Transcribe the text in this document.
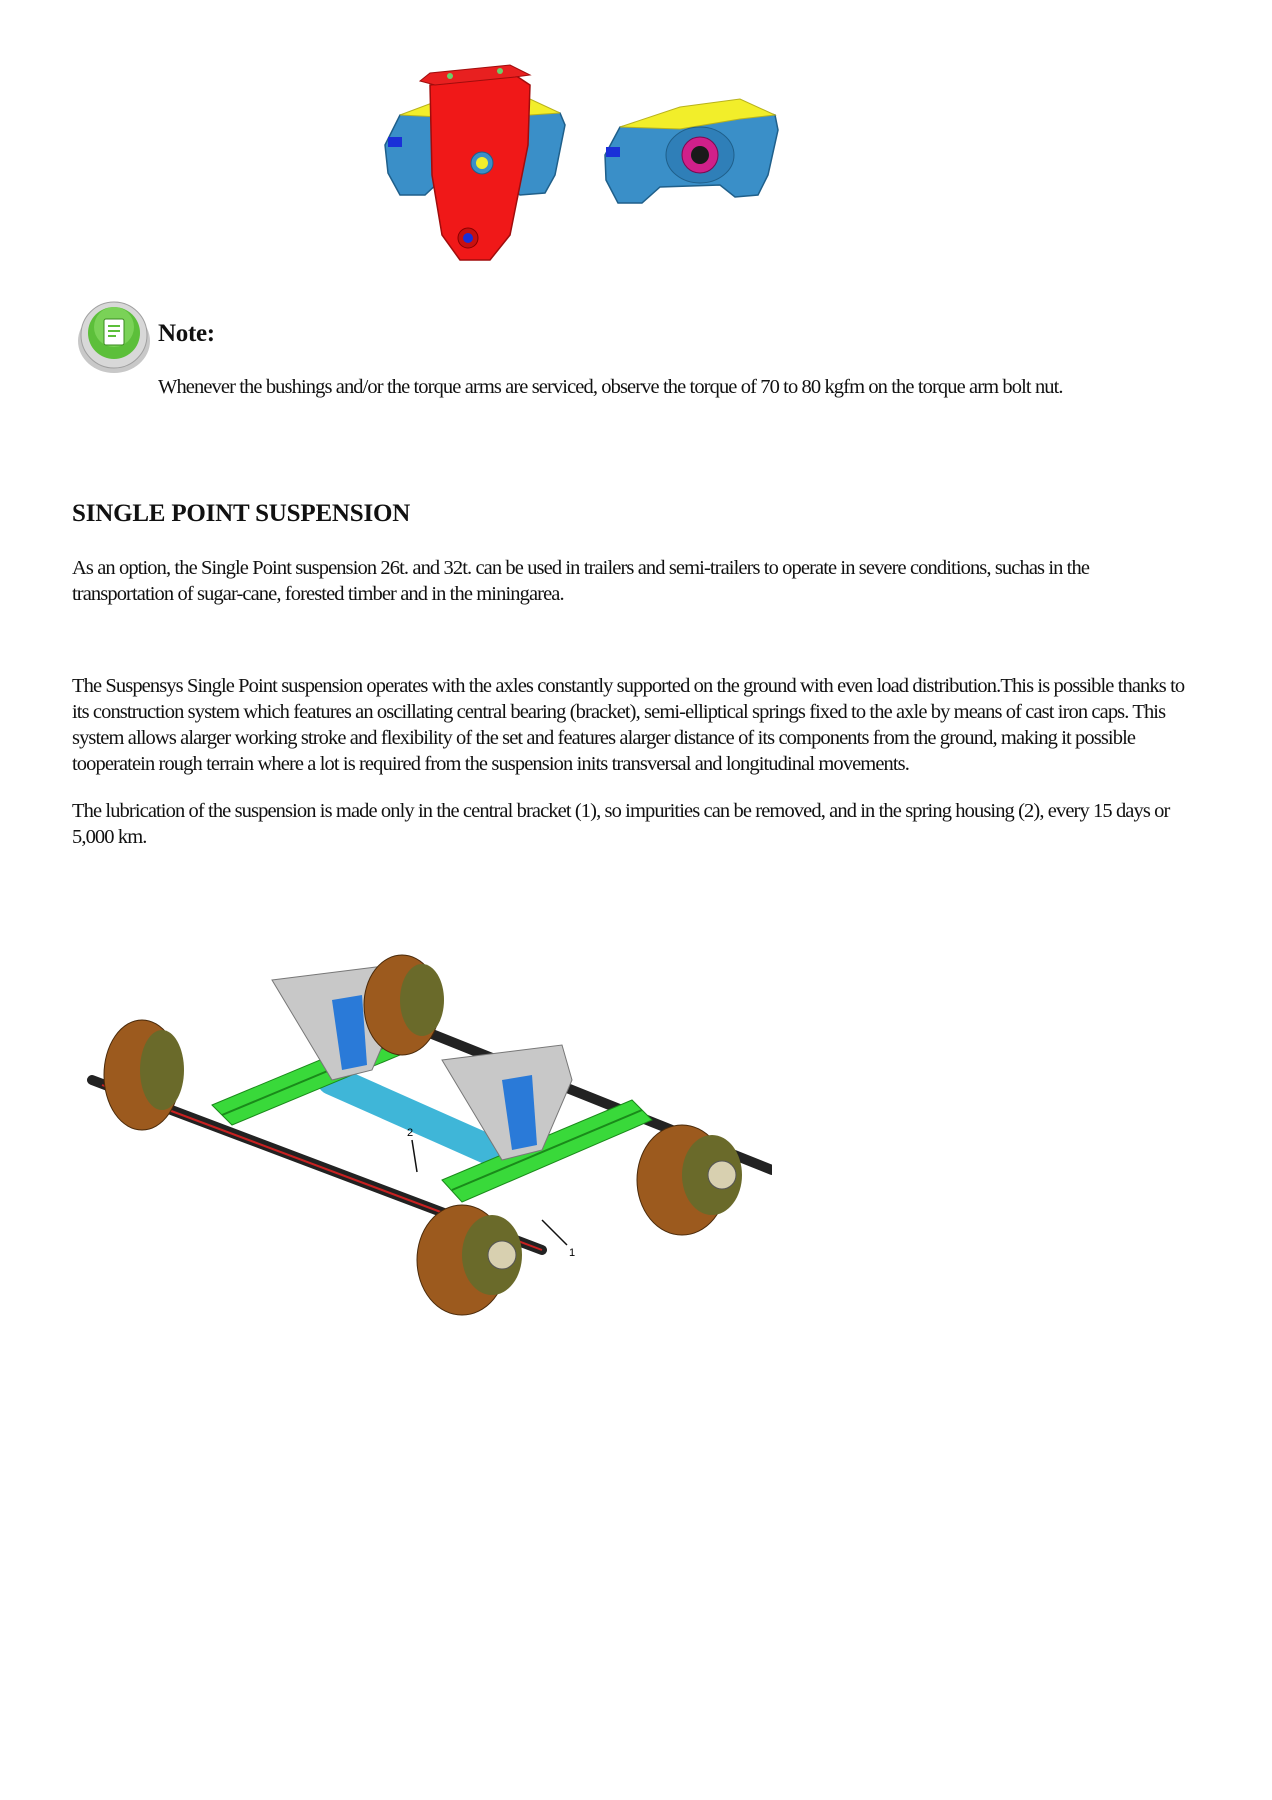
Note:
Whenever the bushings and/or the torque arms are serviced, observe the torque of 70 to 80 kgfm on the torque arm bolt nut.
SINGLE POINT SUSPENSION
As an option, the Single Point suspension 26t. and 32t. can be used in trailers and semi-trailers to operate in severe conditions, suchas in the transportation of sugar-cane, forested timber and in the miningarea.
The Suspensys Single Point suspension operates with the axles constantly supported on the ground with even load distribution.This is possible thanks to its construction system which features an oscillating central bearing (bracket), semi-elliptical springs fixed to the axle by means of cast iron caps. This system allows alarger working stroke and flexibility of the set and features alarger distance of its components from the ground, making it possible tooperatein rough terrain where a lot is required from the suspension inits transversal and longitudinal movements.
The lubrication of the suspension is made only in the central bracket (1), so impurities can be removed, and in the spring housing (2), every 15 days or 5,000 km.
2
1
